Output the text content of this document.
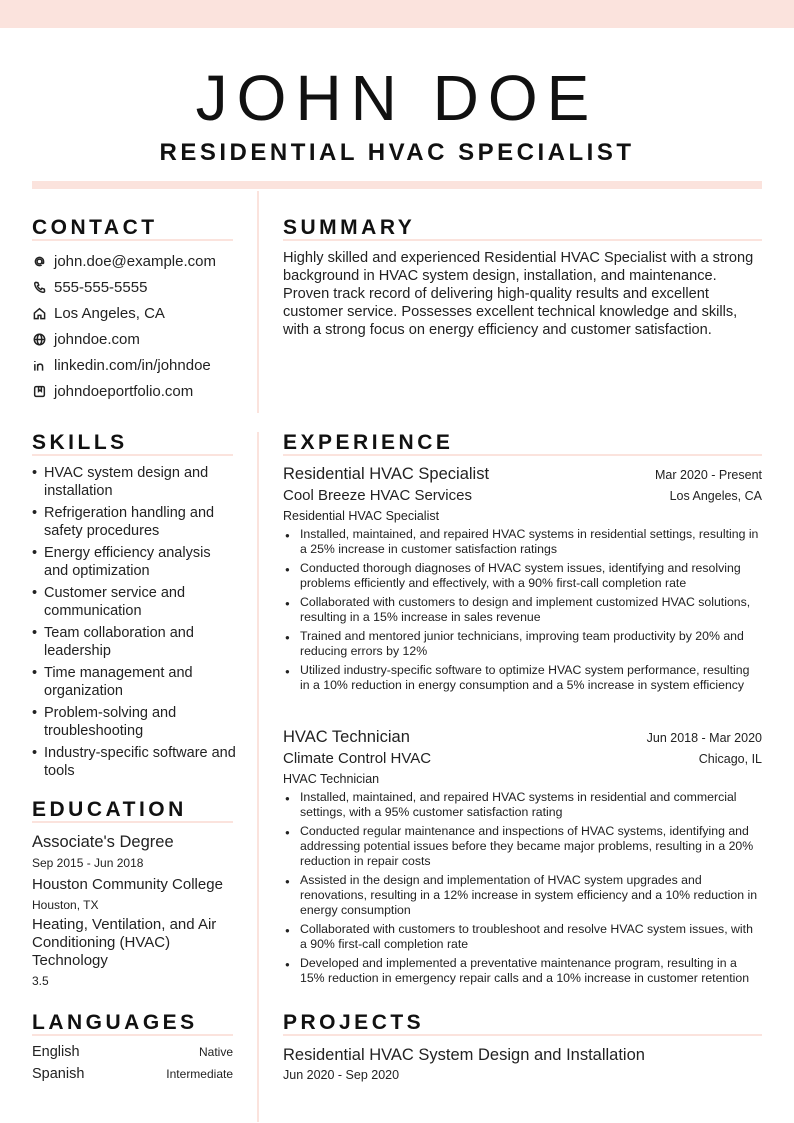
JOHN DOE
RESIDENTIAL HVAC SPECIALIST
CONTACT
john.doe@example.com
555-555-5555
Los Angeles, CA
johndoe.com
linkedin.com/in/johndoe
johndoeportfolio.com
SUMMARY

Highly skilled and experienced Residential HVAC Specialist with a strong background in HVAC system design, installation, and maintenance. Proven track record of delivering high-quality results and excellent customer service. Possesses excellent technical knowledge and skills, with a strong focus on energy efficiency and customer satisfaction.

SKILLS
• HVAC system design and installation
• Refrigeration handling and safety procedures
• Energy efficiency analysis and optimization
• Customer service and communication
• Team collaboration and leadership
• Time management and organization
• Problem-solving and troubleshooting
• Industry-specific software and tools
EDUCATION
Associate's Degree
Sep 2015 - Jun 2018
Houston Community College
Houston, TX
Heating, Ventilation, and Air Conditioning (HVAC) Technology
3.5
LANGUAGES
English	Native
Spanish	Intermediate
EXPERIENCE
Residential HVAC Specialist	Mar 2020 - Present
Cool Breeze HVAC Services	Los Angeles, CA
Residential HVAC Specialist
● Installed, maintained, and repaired HVAC systems in residential settings, resulting in a 25% increase in customer satisfaction ratings
● Conducted thorough diagnoses of HVAC system issues, identifying and resolving problems efficiently and effectively, with a 90% first-call completion rate
● Collaborated with customers to design and implement customized HVAC solutions, resulting in a 15% increase in sales revenue
● Trained and mentored junior technicians, improving team productivity by 20% and reducing errors by 12%
● Utilized industry-specific software to optimize HVAC system performance, resulting in a 10% reduction in energy consumption and a 5% increase in system efficiency
HVAC Technician	Jun 2018 - Mar 2020
Climate Control HVAC	Chicago, IL
HVAC Technician
● Installed, maintained, and repaired HVAC systems in residential and commercial settings, with a 95% customer satisfaction rating
● Conducted regular maintenance and inspections of HVAC systems, identifying and addressing potential issues before they became major problems, resulting in a 20% reduction in repair costs
● Assisted in the design and implementation of HVAC system upgrades and renovations, resulting in a 12% increase in system efficiency and a 10% reduction in energy consumption
● Collaborated with customers to troubleshoot and resolve HVAC system issues, with a 90% first-call completion rate
● Developed and implemented a preventative maintenance program, resulting in a 15% reduction in emergency repair calls and a 10% increase in customer retention
PROJECTS
Residential HVAC System Design and Installation
Jun 2020 - Sep 2020
